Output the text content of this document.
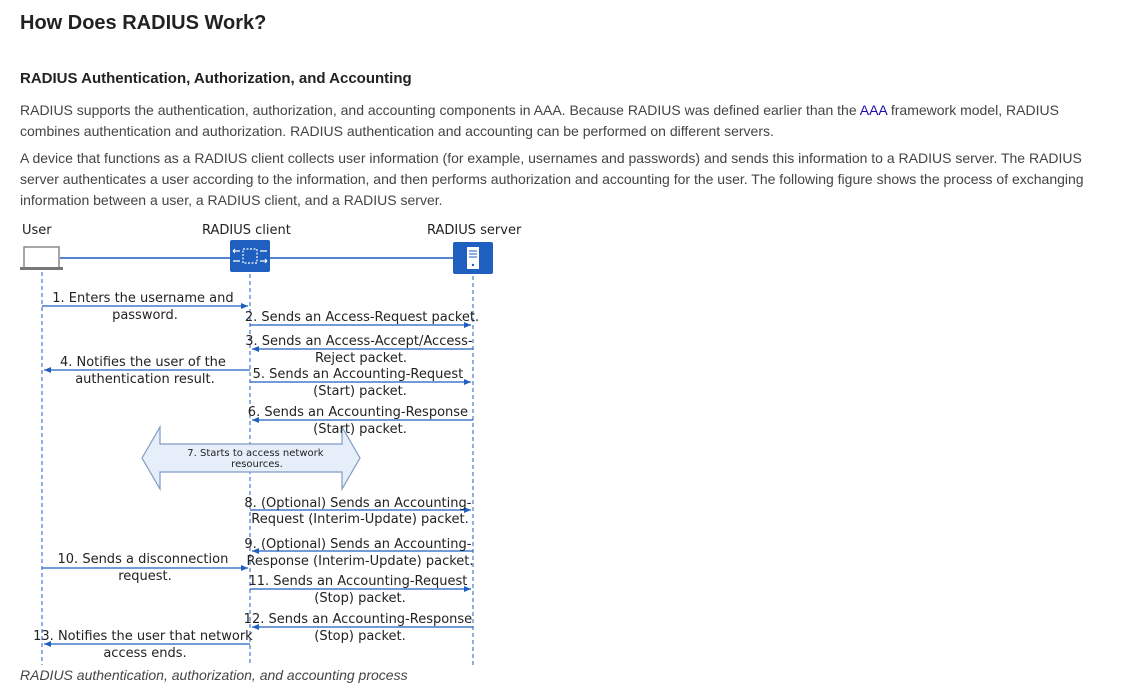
How Does RADIUS Work?
RADIUS Authentication, Authorization, and Accounting

RADIUS supports the authentication, authorization, and accounting components in AAA. Because RADIUS was defined earlier than the AAA framework model, RADIUS combines authentication and authorization. RADIUS authentication and accounting can be performed on different servers.

A device that functions as a RADIUS client collects user information (for example, usernames and passwords) and sends this information to a RADIUS server. The RADIUS server authenticates a user according to the information, and then performs authorization and accounting for the user. The following figure shows the process of exchanging information between a user, a RADIUS client, and a RADIUS server.

User	RADIUS client	RADIUS server
1. Enters the username and password.	2. Sends an Access-Request packet.
3. Sends an Access-Accept/Access- Reject packet.
4. Notifies the user of the authentication result.	5. Sends an Accounting-Request (Start) packet.
6. Sends an Accounting-Response (Start) packet.
7. Starts to access network resources.
8. (Optional) Sends an Accounting- Request (Interim-Update) packet.
9. (Optional) Sends an Accounting- Response (Interim-Update) packet.
10. Sends a disconnection request.	11. Sends an Accounting-Request (Stop) packet.
12. Sends an Accounting-Response (Stop) packet.
13. Notifies the user that network access ends.
RADIUS authentication, authorization, and accounting process
